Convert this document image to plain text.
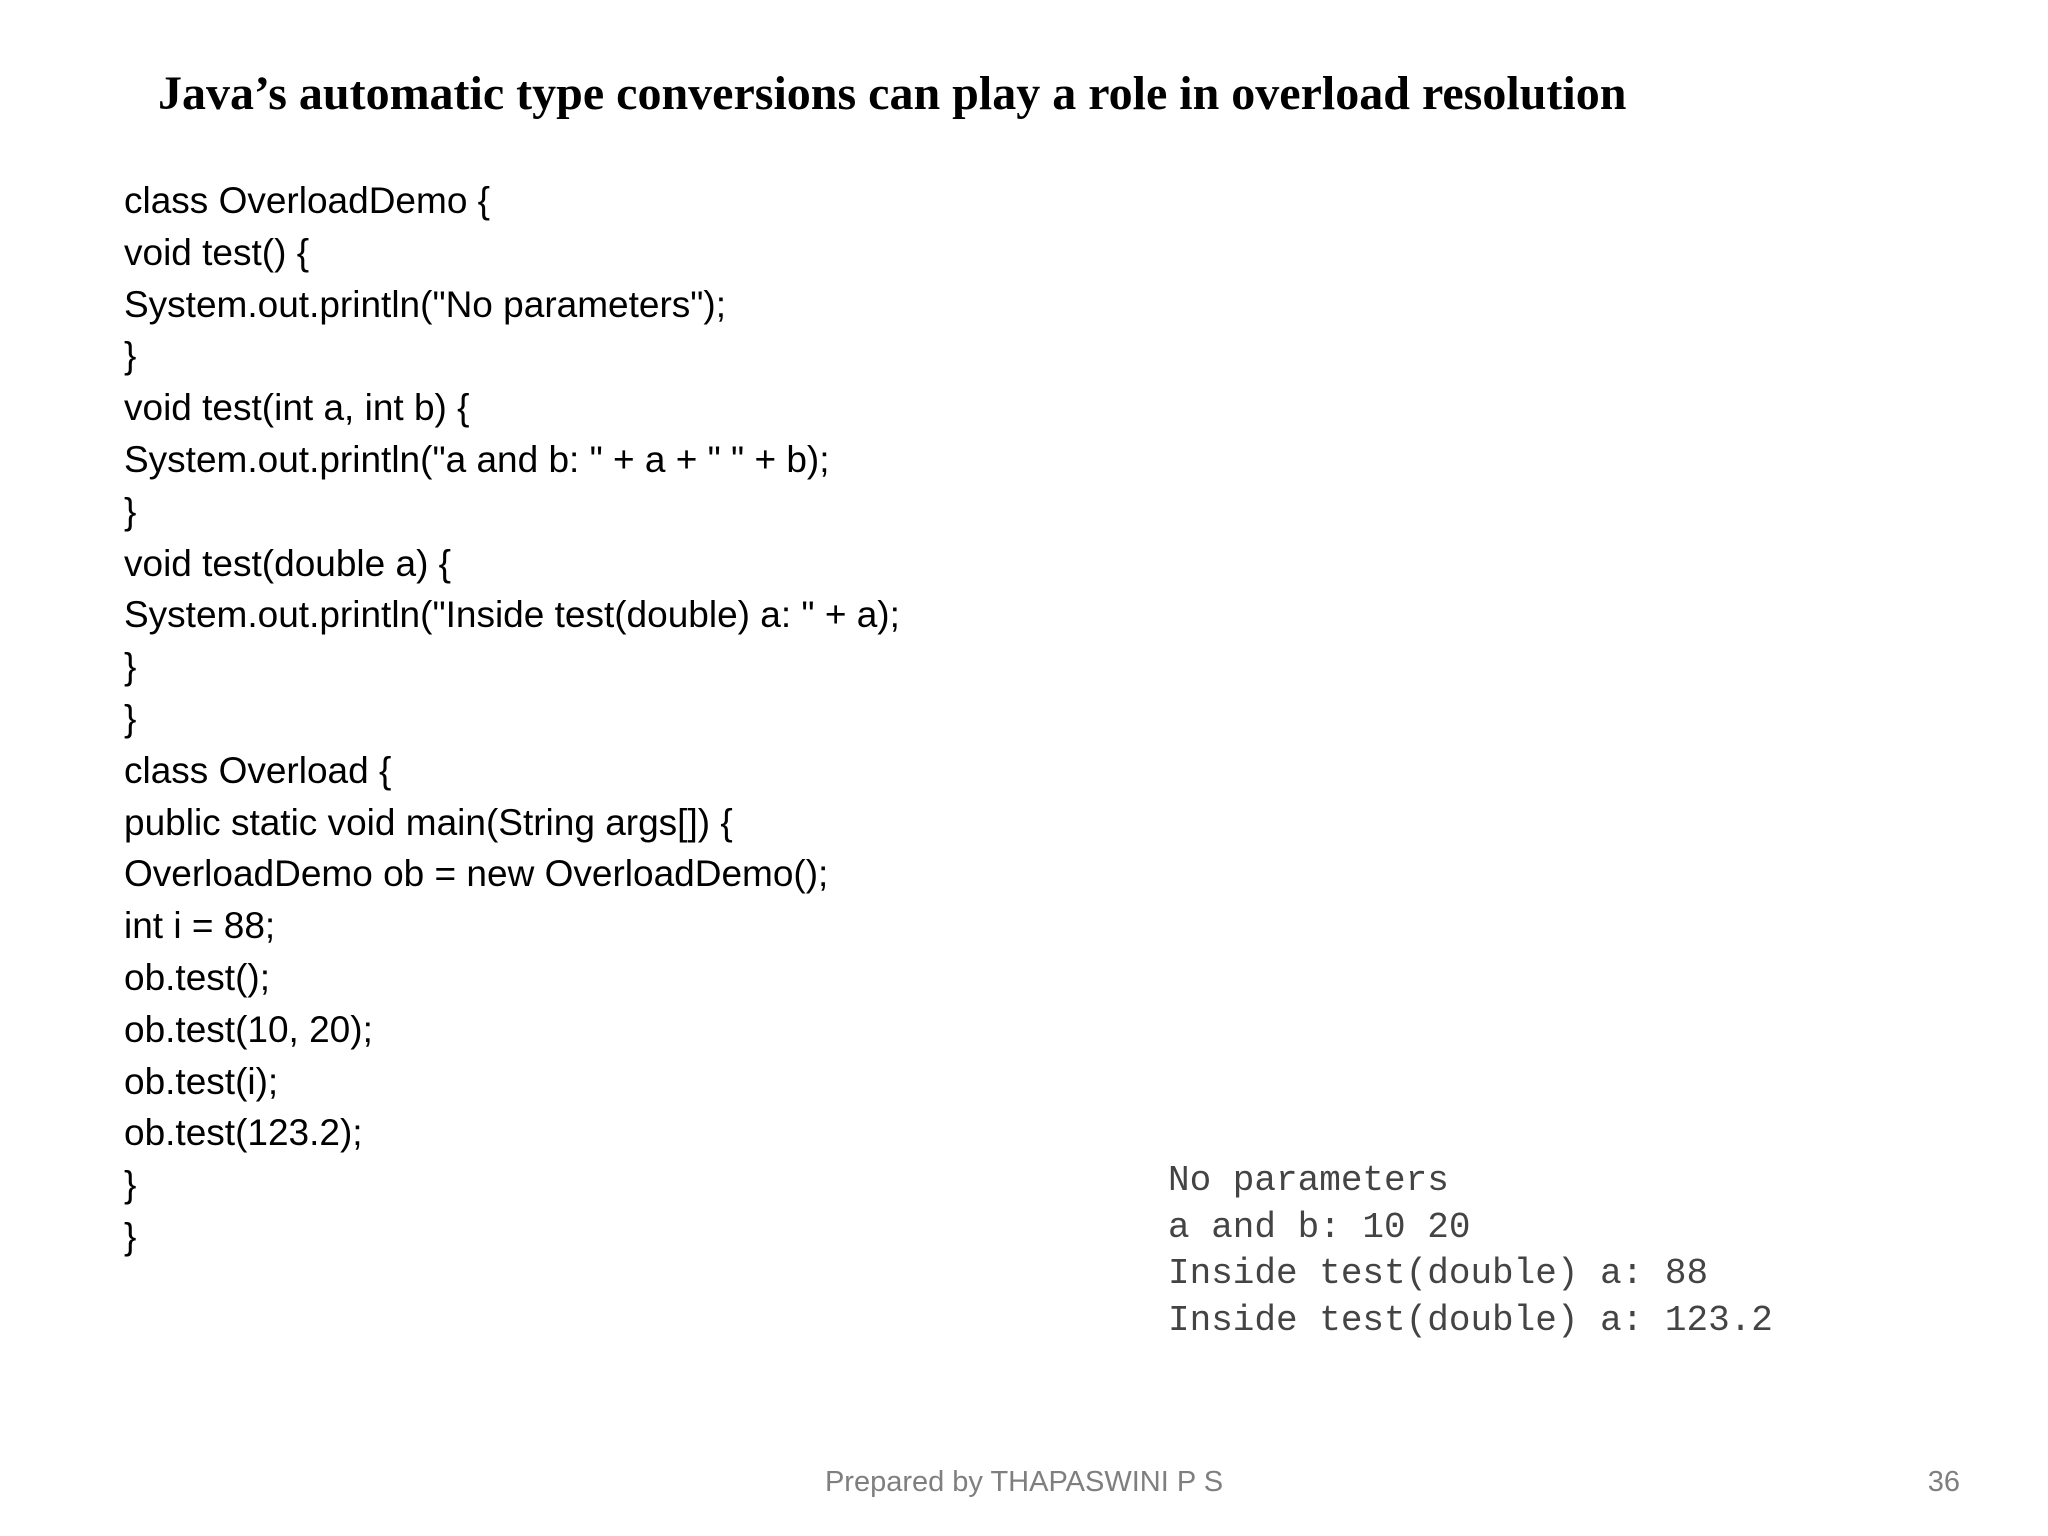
Java’s automatic type conversions can play a role in overload resolution
class OverloadDemo {
void test() {
System.out.println("No parameters");
}
void test(int a, int b) {
System.out.println("a and b: " + a + " " + b);
}
void test(double a) {
System.out.println("Inside test(double) a: " + a);
}
}
class Overload {
public static void main(String args[]) {
OverloadDemo ob = new OverloadDemo();
int i = 88;
ob.test();
ob.test(10, 20);
ob.test(i);
ob.test(123.2);
}
}
No parameters
a and b: 10 20
Inside test(double) a: 88
Inside test(double) a: 123.2
Prepared by THAPASWINI P S	36
